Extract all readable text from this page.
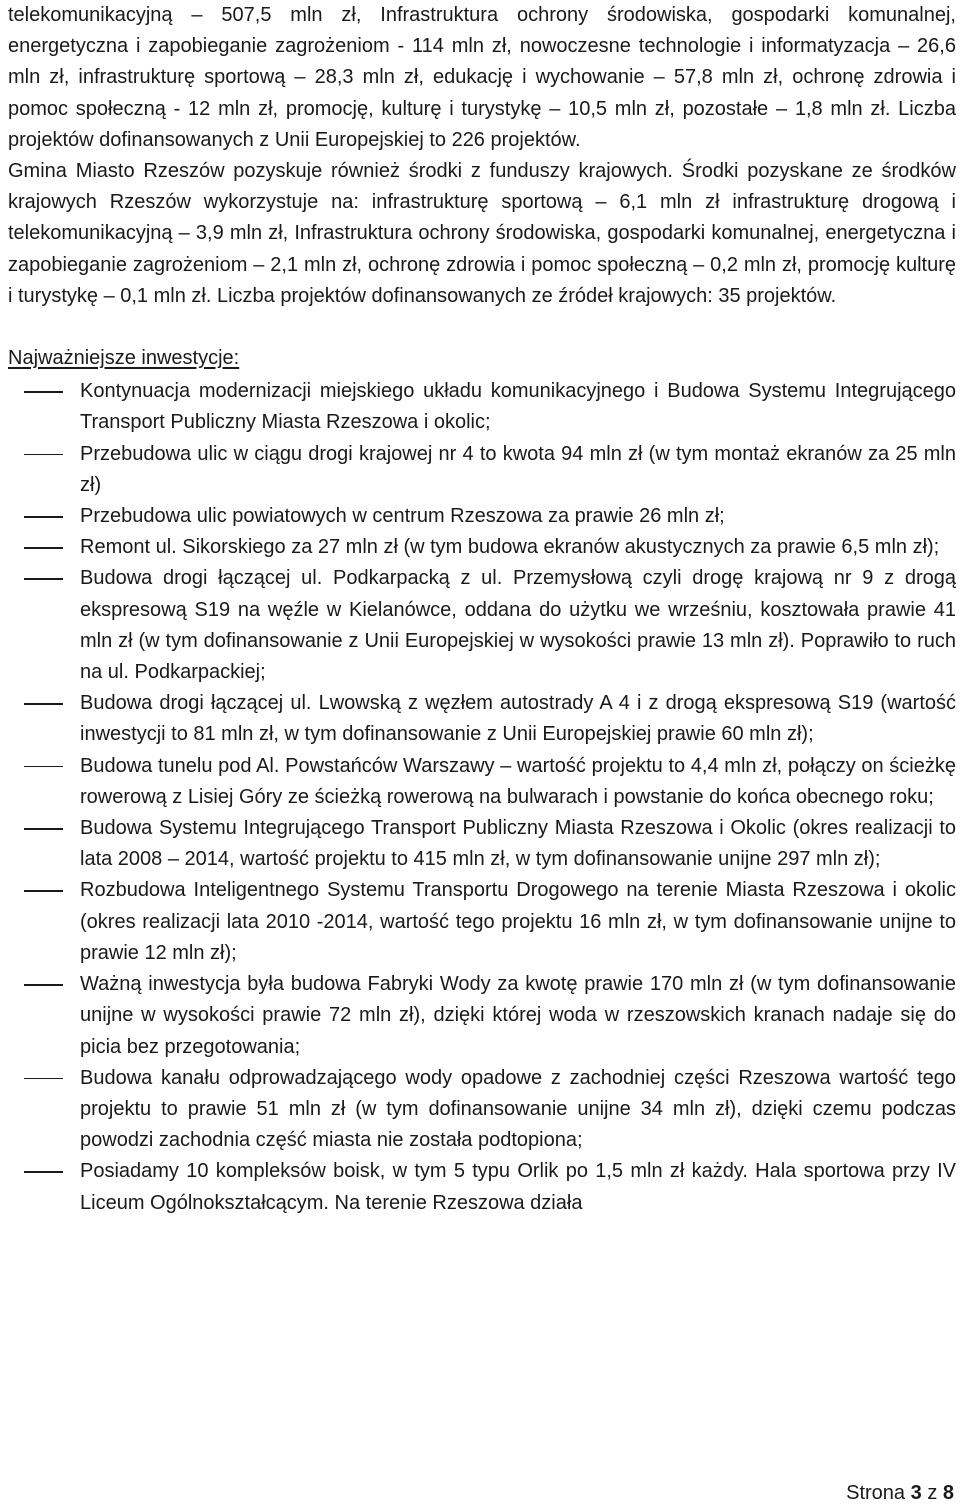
telekomunikacyjną – 507,5 mln zł, Infrastruktura ochrony środowiska, gospodarki komunalnej, energetyczna i zapobieganie zagrożeniom - 114 mln zł, nowoczesne technologie i informatyzacja – 26,6 mln zł, infrastrukturę sportową – 28,3 mln zł, edukację i wychowanie – 57,8 mln zł, ochronę zdrowia i pomoc społeczną - 12 mln zł, promocję, kulturę i turystykę – 10,5 mln zł, pozostałe – 1,8 mln zł. Liczba projektów dofinansowanych z Unii Europejskiej to 226 projektów.

Gmina Miasto Rzeszów pozyskuje również środki z funduszy krajowych. Środki pozyskane ze środków krajowych Rzeszów wykorzystuje na: infrastrukturę sportową – 6,1 mln zł infrastrukturę drogową i telekomunikacyjną – 3,9 mln zł, Infrastruktura ochrony środowiska, gospodarki komunalnej, energetyczna i zapobieganie zagrożeniom – 2,1 mln zł, ochronę zdrowia i pomoc społeczną – 0,2 mln zł, promocję kulturę i turystykę – 0,1 mln zł. Liczba projektów dofinansowanych ze źródeł krajowych: 35 projektów.

Najważniejsze inwestycje:
Kontynuacja modernizacji miejskiego układu komunikacyjnego i Budowa Systemu Integrującego Transport Publiczny Miasta Rzeszowa i okolic;
Przebudowa ulic w ciągu drogi krajowej nr 4 to kwota 94 mln zł (w tym montaż ekranów za 25 mln zł)
Przebudowa ulic powiatowych w centrum Rzeszowa za prawie 26 mln zł;
Remont ul. Sikorskiego za 27 mln zł (w tym budowa ekranów akustycznych za prawie 6,5 mln zł);
Budowa drogi łączącej ul. Podkarpacką z ul. Przemysłową czyli drogę krajową nr 9 z drogą ekspresową S19 na węźle w Kielanówce, oddana do użytku we wrześniu, kosztowała prawie 41 mln zł (w tym dofinansowanie z Unii Europejskiej w wysokości prawie 13 mln zł). Poprawiło to ruch na ul. Podkarpackiej;
Budowa drogi łączącej ul. Lwowską z węzłem autostrady A 4 i z drogą ekspresową S19 (wartość inwestycji to 81 mln zł, w tym dofinansowanie z Unii Europejskiej prawie 60 mln zł);
Budowa tunelu pod Al. Powstańców Warszawy – wartość projektu to 4,4 mln zł, połączy on ścieżkę rowerową z Lisiej Góry ze ścieżką rowerową na bulwarach i powstanie do końca obecnego roku;
Budowa Systemu Integrującego Transport Publiczny Miasta Rzeszowa i Okolic (okres realizacji to lata 2008 – 2014, wartość projektu to 415 mln zł, w tym dofinansowanie unijne 297 mln zł);
Rozbudowa Inteligentnego Systemu Transportu Drogowego na terenie Miasta Rzeszowa i okolic (okres realizacji lata 2010 -2014, wartość tego projektu 16 mln zł, w tym dofinansowanie unijne to prawie 12 mln zł);
Ważną inwestycja była budowa Fabryki Wody za kwotę prawie 170 mln zł (w tym dofinansowanie unijne w wysokości prawie 72 mln zł), dzięki której woda w rzeszowskich kranach nadaje się do picia bez przegotowania;
Budowa kanału odprowadzającego wody opadowe z zachodniej części Rzeszowa wartość tego projektu to prawie 51 mln zł (w tym dofinansowanie unijne 34 mln zł), dzięki czemu podczas powodzi zachodnia część miasta nie została podtopiona;
Posiadamy 10 kompleksów boisk, w tym 5 typu Orlik po 1,5 mln zł każdy. Hala sportowa przy IV Liceum Ogólnokształcącym. Na terenie Rzeszowa działa
Strona 3 z 8
